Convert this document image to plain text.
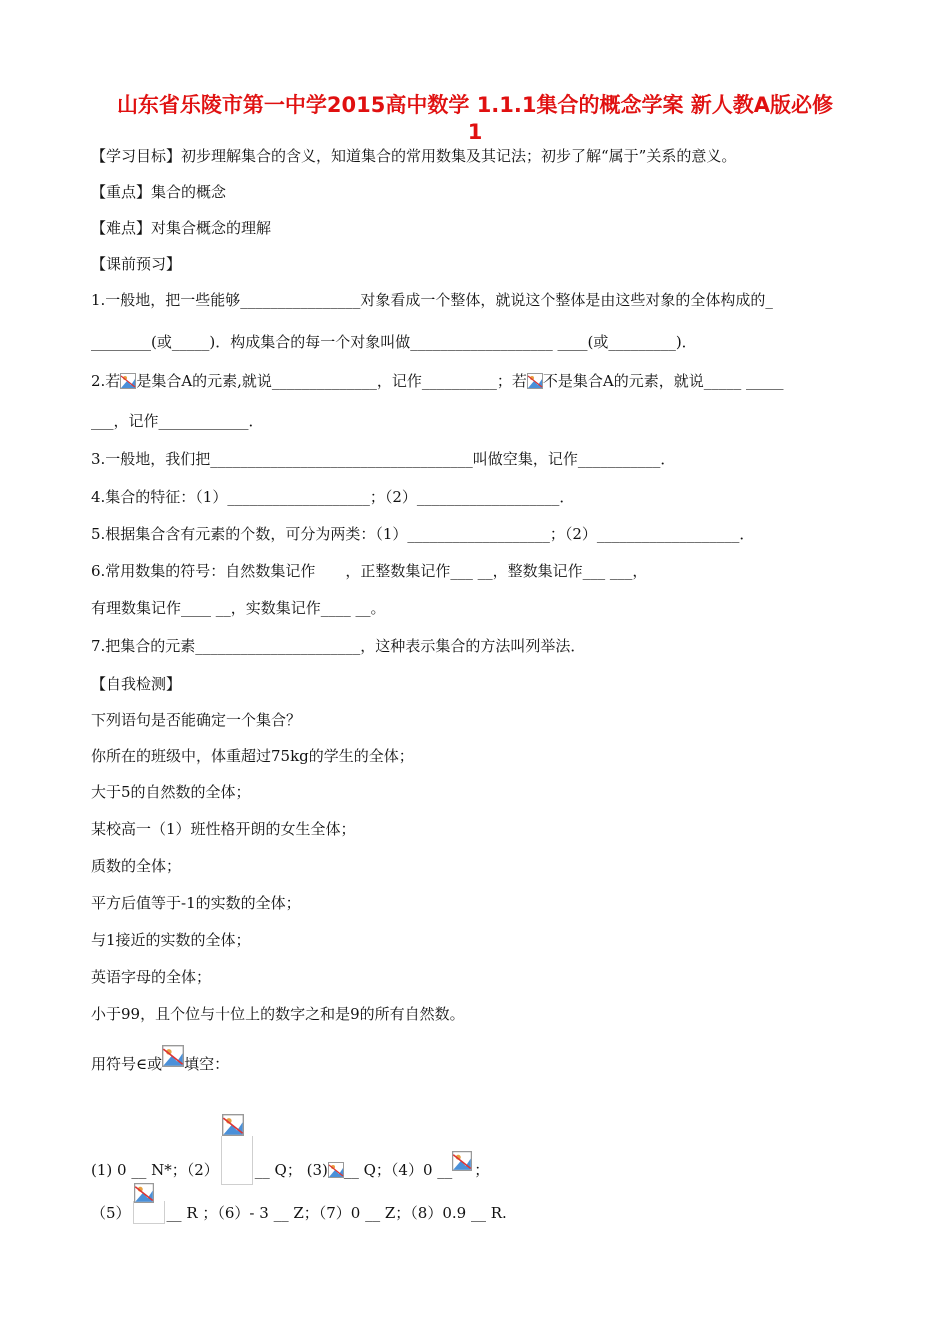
山东省乐陵市第一中学2015高中数学 1.1.1集合的概念学案 新人教A版必修
1
【学习目标】初步理解集合的含义，知道集合的常用数集及其记法；初步了解“属于”关系的意义。
【重点】集合的概念
【难点】对集合概念的理解
【课前预习】
1.一般地，把一些能够________________对象看成一个整体，就说这个整体是由这些对象的全体构成的_
________(或_____)．构成集合的每一个对象叫做___________________ ____(或_________)．
2.若 是集合A的元素,就说______________，记作__________；若 不是集合A的元素，就说_____ _____
___，记作____________．
3.一般地，我们把___________________________________叫做空集，记作___________．
4.集合的特征：（1）___________________；（2）___________________．
5.根据集合含有元素的个数，可分为两类：（1）___________________；（2）___________________．
6.常用数集的符号：自然数集记作　　，正整数集记作___ __，整数集记作___ ___，
有理数集记作____ __，实数集记作____ __。
7.把集合的元素______________________，这种表示集合的方法叫列举法．
【自我检测】
下列语句是否能确定一个集合？
你所在的班级中，体重超过75kg的学生的全体；
大于5的自然数的全体；
某校高一（1）班性格开朗的女生全体；
质数的全体；
平方后值等于-1的实数的全体；
与1接近的实数的全体；
英语字母的全体；
小于99，且个位与十位上的数字之和是9的所有自然数。
用符号∈或 填空：
(1) 0 __ N*；（2） __ Q； (3) __ Q；（4）0 __ ；
（5） __ R ；（6）- 3 __ Z；（7）0 __ Z；（8）0.9 __ R.
